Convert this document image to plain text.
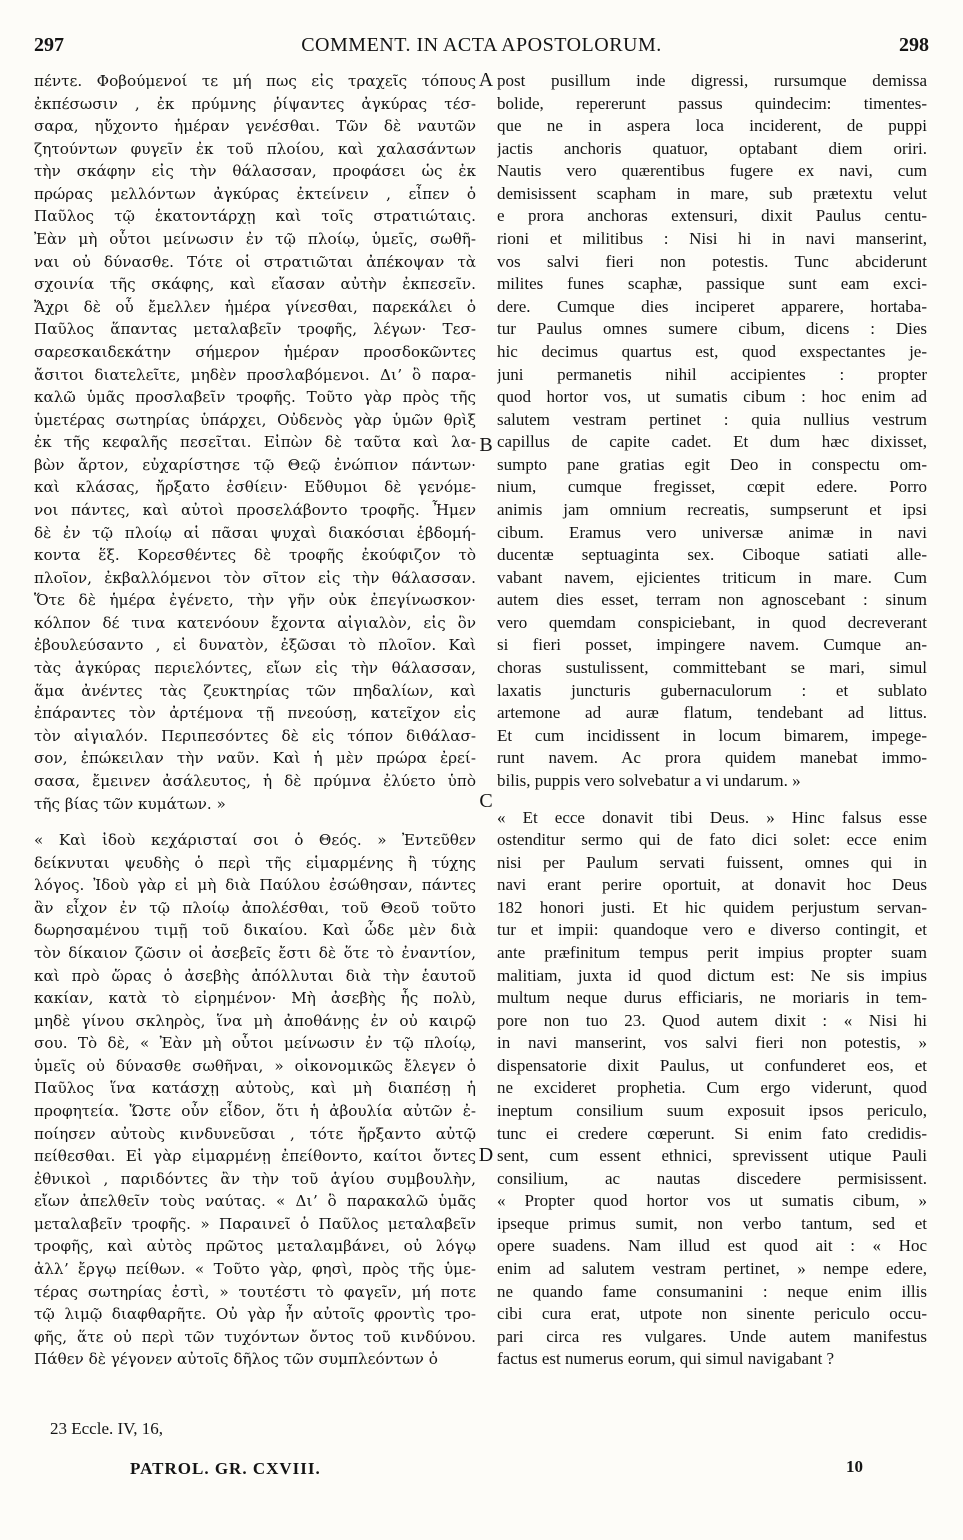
297	COMMENT. IN ACTA APOSTOLORUM.	298
πέντε. Φοβούμενοί τε μή πως εἰς τραχεῖς τόπους
ἐκπέσωσιν , ἐκ πρύμνης ῥίψαντες ἀγκύρας τέσ-
σαρα, ηὔχοντο ἡμέραν γενέσθαι. Τῶν δὲ ναυτῶν
ζητούντων φυγεῖν ἐκ τοῦ πλοίου, καὶ χαλασάντων
τὴν σκάφην εἰς τὴν θάλασσαν, προφάσει ὡς ἐκ
πρώρας μελλόντων ἀγκύρας ἐκτείνειν , εἶπεν ὁ
Παῦλος τῷ ἑκατοντάρχῃ καὶ τοῖς στρατιώταις.
Ἐὰν μὴ οὗτοι μείνωσιν ἐν τῷ πλοίῳ, ὑμεῖς, σωθῆ-
ναι οὐ δύνασθε. Τότε οἱ στρατιῶται ἀπέκοψαν τὰ
σχοινία τῆς σκάφης, καὶ εἴασαν αὐτὴν ἐκπεσεῖν.
Ἄχρι δὲ οὗ ἔμελλεν ἡμέρα γίνεσθαι, παρεκάλει ὁ
Παῦλος ἅπαντας μεταλαβεῖν τροφῆς, λέγων· Τεσ-
σαρεσκαιδεκάτην σήμερον ἡμέραν προσδοκῶντες
ἄσιτοι διατελεῖτε, μηδὲν προσλαβόμενοι. Διʼ ὃ παρα-
καλῶ ὑμᾶς προσλαβεῖν τροφῆς. Τοῦτο γὰρ πρὸς τῆς
ὑμετέρας σωτηρίας ὑπάρχει, Οὐδενὸς γὰρ ὑμῶν θρὶξ
ἐκ τῆς κεφαλῆς πεσεῖται. Εἰπὼν δὲ ταῦτα καὶ λα-
βὼν ἄρτον, εὐχαρίστησε τῷ Θεῷ ἐνώπιον πάντων·
καὶ κλάσας, ἤρξατο ἐσθίειν· Εὔθυμοι δὲ γενόμε-
νοι πάντες, καὶ αὐτοὶ προσελάβοντο τροφῆς. Ἦμεν
δὲ ἐν τῷ πλοίῳ αἱ πᾶσαι ψυχαὶ διακόσιαι ἑβδομή-
κοντα ἕξ. Κορεσθέντες δὲ τροφῆς ἐκούφιζον τὸ
πλοῖον, ἐκβαλλόμενοι τὸν σῖτον εἰς τὴν θάλασσαν.
Ὅτε δὲ ἡμέρα ἐγένετο, τὴν γῆν οὐκ ἐπεγίνωσκον·
κόλπον δέ τινα κατενόουν ἔχοντα αἰγιαλὸν, εἰς ὃν
ἐβουλεύσαντο , εἰ δυνατὸν, ἐξῶσαι τὸ πλοῖον. Καὶ
τὰς ἀγκύρας περιελόντες, εἴων εἰς τὴν θάλασσαν,
ἅμα ἀνέντες τὰς ζευκτηρίας τῶν πηδαλίων, καὶ
ἐπάραντες τὸν ἀρτέμονα τῇ πνεούσῃ, κατεῖχον εἰς
τὸν αἰγιαλόν. Περιπεσόντες δὲ εἰς τόπον διθάλασ-
σον, ἐπώκειλαν τὴν ναῦν. Καὶ ἡ μὲν πρώρα ἐρεί-
σασα, ἔμεινεν ἀσάλευτος, ἡ δὲ πρύμνα ἐλύετο ὑπὸ
τῆς βίας τῶν κυμάτων. »
« Καὶ ἰδοὺ κεχάρισταί σοι ὁ Θεός. » Ἐντεῦθεν
δείκνυται ψευδὴς ὁ περὶ τῆς εἱμαρμένης ἢ τύχης
λόγος. Ἰδοὺ γὰρ εἰ μὴ διὰ Παύλου ἐσώθησαν, πάντες
ἂν εἶχον ἐν τῷ πλοίῳ ἀπολέσθαι, τοῦ Θεοῦ τοῦτο
δωρησαμένου τιμῇ τοῦ δικαίου. Καὶ ὧδε μὲν διὰ
τὸν δίκαιον ζῶσιν οἱ ἀσεβεῖς ἔστι δὲ ὅτε τὸ ἐναντίον,
καὶ πρὸ ὥρας ὁ ἀσεβὴς ἀπόλλυται διὰ τὴν ἑαυτοῦ
κακίαν, κατὰ τὸ εἰρημένον· Μὴ ἀσεβὴς ἧς πολὺ,
μηδὲ γίνου σκληρὸς, ἵνα μὴ ἀποθάνῃς ἐν οὐ καιρῷ
σου. Τὸ δὲ, « Ἐὰν μὴ οὗτοι μείνωσιν ἐν τῷ πλοίῳ,
ὑμεῖς οὐ δύνασθε σωθῆναι, » οἰκονομικῶς ἔλεγεν ὁ
Παῦλος ἵνα κατάσχῃ αὐτοὺς, καὶ μὴ διαπέσῃ ἡ
προφητεία. Ὥστε οὖν εἶδον, ὅτι ἡ ἀβουλία αὐτῶν ἐ-
ποίησεν αὐτοὺς κινδυνεῦσαι , τότε ἤρξαντο αὐτῷ
πείθεσθαι. Εἰ γὰρ εἱμαρμένῃ ἐπείθοντο, καίτοι ὄντες
ἐθνικοὶ , παριδόντες ἂν τὴν τοῦ ἁγίου συμβουλὴν,
εἴων ἀπελθεῖν τοὺς ναύτας. « Διʼ ὃ παρακαλῶ ὑμᾶς
μεταλαβεῖν τροφῆς. » Παραινεῖ ὁ Παῦλος μεταλαβεῖν
τροφῆς, καὶ αὐτὸς πρῶτος μεταλαμβάνει, οὐ λόγῳ
ἀλλʼ ἔργῳ πείθων. « Τοῦτο γὰρ, φησὶ, πρὸς τῆς ὑμε-
τέρας σωτηρίας ἐστὶ, » τουτέστι τὸ φαγεῖν, μή ποτε
τῷ λιμῷ διαφθαρῆτε. Οὐ γὰρ ἦν αὐτοῖς φροντὶς τρο-
φῆς, ἅτε οὐ περὶ τῶν τυχόντων ὄντος τοῦ κινδύνου.
Πάθεν δὲ γέγονεν αὐτοῖς δῆλος τῶν συμπλεόντων ὁ
post pusillum inde digressi, rursumque demissa
bolide, repererunt passus quindecim: timentes-
que ne in aspera loca inciderent, de puppi
jactis anchoris quatuor, optabant diem oriri.
Nautis vero quærentibus fugere ex navi, cum
demisissent scapham in mare, sub prætextu velut
e prora anchoras extensuri, dixit Paulus centu-
rioni et militibus : Nisi hi in navi manserint,
vos salvi fieri non potestis. Tunc abciderunt
milites funes scaphæ, passique sunt eam exci-
dere. Cumque dies inciperet apparere, hortaba-
tur Paulus omnes sumere cibum, dicens : Dies
hic decimus quartus est, quod exspectantes je-
juni permanetis nihil accipientes : propter
quod hortor vos, ut sumatis cibum : hoc enim ad
salutem vestram pertinet : quia nullius vestrum
capillus de capite cadet. Et dum hæc dixisset,
sumpto pane gratias egit Deo in conspectu om-
nium, cumque fregisset, cœpit edere. Porro
animis jam omnium recreatis, sumpserunt et ipsi
cibum. Eramus vero universæ animæ in navi
ducentæ septuaginta sex. Ciboque satiati alle-
vabant navem, ejicientes triticum in mare. Cum
autem dies esset, terram non agnoscebant : sinum
vero quemdam conspiciebant, in quod decreverant
si fieri posset, impingere navem. Cumque an-
choras sustulissent, committebant se mari, simul
laxatis juncturis gubernaculorum : et sublato
artemone ad auræ flatum, tendebant ad littus.
Et cum incidissent in locum bimarem, impege-
runt navem. Ac prora quidem manebat immo-
bilis, puppis vero solvebatur a vi undarum. »
« Et ecce donavit tibi Deus. » Hinc falsus esse
ostenditur sermo qui de fato dici solet: ecce enim
nisi per Paulum servati fuissent, omnes qui in
navi erant perire oportuit, at donavit hoc Deus
182 honori justi. Et hic quidem perjustum servan-
tur et impii: quandoque vero e diverso contingit, et
ante præfinitum tempus perit impius propter suam
malitiam, juxta id quod dictum est: Ne sis impius
multum neque durus efficiaris, ne moriaris in tem-
pore non tuo 23. Quod autem dixit : « Nisi hi
in navi manserint, vos salvi fieri non potestis, »
dispensatorie dixit Paulus, ut confunderet eos, et
ne excideret prophetia. Cum ergo viderunt, quod
ineptum consilium suum exposuit ipsos periculo,
tunc ei credere cœperunt. Si enim fato credidis-
sent, cum essent ethnici, sprevissent utique Pauli
consilium, ac nautas discedere permisissent.
« Propter quod hortor vos ut sumatis cibum, »
ipseque primus sumit, non verbo tantum, sed et
opere suadens. Nam illud est quod ait : « Hoc
enim ad salutem vestram pertinet, » nempe edere,
ne quando fame consumanini : neque enim illis
cibi cura erat, utpote non sinente periculo occu-
pari circa res vulgares. Unde autem manifestus
factus est numerus eorum, qui simul navigabant ?
A
B
C
D
23 Eccle. IV, 16,
PATROL. GR. CXVIII.	10
